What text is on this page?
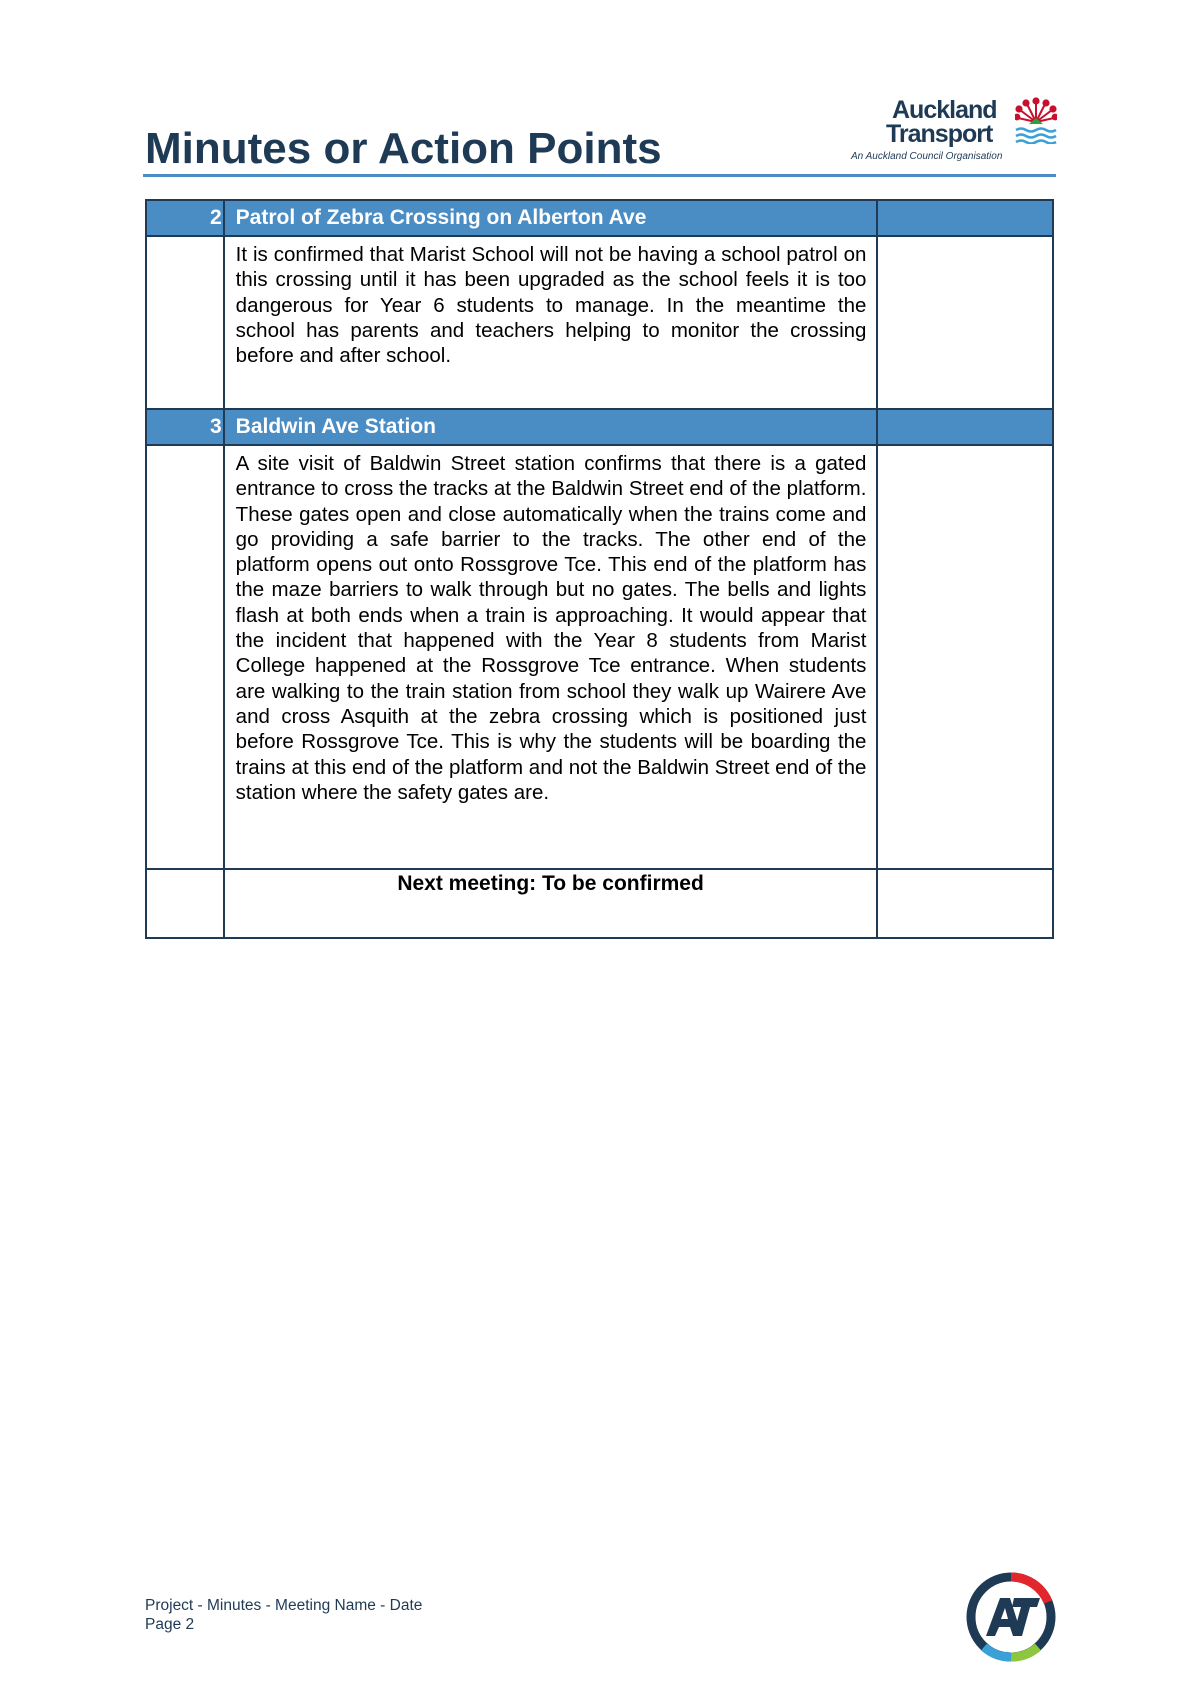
Minutes or Action Points
Auckland
Transport
An Auckland Council Organisation
2	Patrol of Zebra Crossing on Alberton Ave	

	It is confirmed that Marist School will not be having a school patrol on this crossing until it has been upgraded as the school feels it is too dangerous for Year 6 students to manage. In the meantime the school has parents and teachers helping to monitor the crossing before and after school.	

3	Baldwin Ave Station	

	A site visit of Baldwin Street station confirms that there is a gated entrance to cross the tracks at the Baldwin Street end of the platform. These gates open and close automatically when the trains come and go providing a safe barrier to the tracks. The other end of the platform opens out onto Rossgrove Tce. This end of the platform has the maze barriers to walk through but no gates. The bells and lights flash at both ends when a train is approaching. It would appear that the incident that happened with the Year 8 students from Marist College happened at the Rossgrove Tce entrance. When students are walking to the train station from school they walk up Wairere Ave and cross Asquith at the zebra crossing which is positioned just before Rossgrove Tce. This is why the students will be boarding the trains at this end of the platform and not the Baldwin Street end of the station where the safety gates are.	

	Next meeting: To be confirmed	

Project - Minutes - Meeting Name - Date
Page 2
